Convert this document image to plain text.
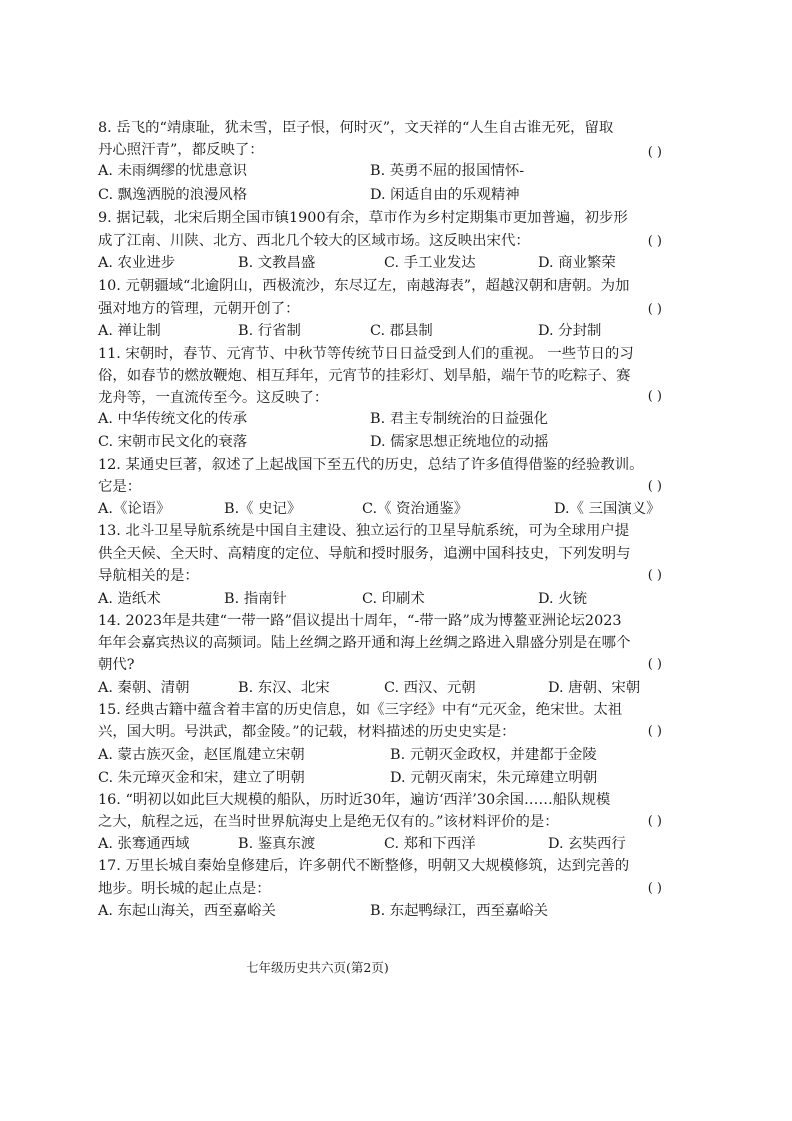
8. 岳飞的“靖康耻，犹未雪，臣子恨，何时灭”，文天祥的“人生自古谁无死，留取
丹心照汗青”，都反映了：	( )
A. 未雨绸缪的忧患意识	B. 英勇不屈的报国情怀-
C. 飘逸洒脱的浪漫风格	D. 闲适自由的乐观精神
9. 据记载，北宋后期全国市镇1900有余，草市作为乡村定期集市更加普遍，初步形
成了江南、川陕、北方、西北几个较大的区域市场。这反映出宋代：	( )
A. 农业进步	B. 文教昌盛	C. 手工业发达	D. 商业繁荣
10. 元朝疆域“北逾阴山，西极流沙，东尽辽左，南越海表”，超越汉朝和唐朝。为加
强对地方的管理，元朝开创了：	( )
A. 禅让制	B. 行省制	C. 郡县制	D. 分封制
11. 宋朝时，春节、元宵节、中秋节等传统节日日益受到人们的重视。 一些节日的习
俗，如春节的燃放鞭炮、相互拜年，元宵节的挂彩灯、划旱船，端午节的吃粽子、赛
龙舟等，一直流传至今。这反映了：	( )
A. 中华传统文化的传承	B. 君主专制统治的日益强化
C. 宋朝市民文化的衰落	D. 儒家思想正统地位的动摇
12. 某通史巨著，叙述了上起战国下至五代的历史，总结了许多值得借鉴的经验教训。
它是：	( )
A.《论语》	B.《 史记》	C.《 资治通鉴》	D.《 三国演义》
13. 北斗卫星导航系统是中国自主建设、独立运行的卫星导航系统，可为全球用户提
供全天候、全天时、高精度的定位、导航和授时服务，追溯中国科技史，下列发明与
导航相关的是：	( )
A. 造纸术	B. 指南针	C. 印刷术	D. 火铳
14. 2023年是共建“一带一路”倡议提出十周年，“-带一路”成为博鳌亚洲论坛2023
年年会嘉宾热议的高频词。陆上丝绸之路开通和海上丝绸之路进入鼎盛分别是在哪个
朝代?	( )
A. 秦朝、清朝	B. 东汉、北宋	C. 西汉、元朝	D. 唐朝、宋朝
15. 经典古籍中蕴含着丰富的历史信息，如《三字经》中有“元灭金，绝宋世。太祖
兴，国大明。号洪武，都金陵。”的记载，材料描述的历史史实是：	( )
A. 蒙古族灭金，赵匡胤建立宋朝	B. 元朝灭金政权，并建都于金陵
C. 朱元璋灭金和宋，建立了明朝	D. 元朝灭南宋，朱元璋建立明朝
16. “明初以如此巨大规模的船队，历时近30年，遍访‘西洋’30余国……船队规模
之大，航程之远，在当时世界航海史上是绝无仅有的。”该材料评价的是：	( )
A. 张骞通西域	B. 鉴真东渡	C. 郑和下西洋	D. 玄奘西行
17. 万里长城自秦始皇修建后，许多朝代不断整修，明朝又大规模修筑，达到完善的
地步。明长城的起止点是：	( )
A. 东起山海关，西至嘉峪关	B. 东起鸭绿江，西至嘉峪关
七年级历史共六页(第2页)
